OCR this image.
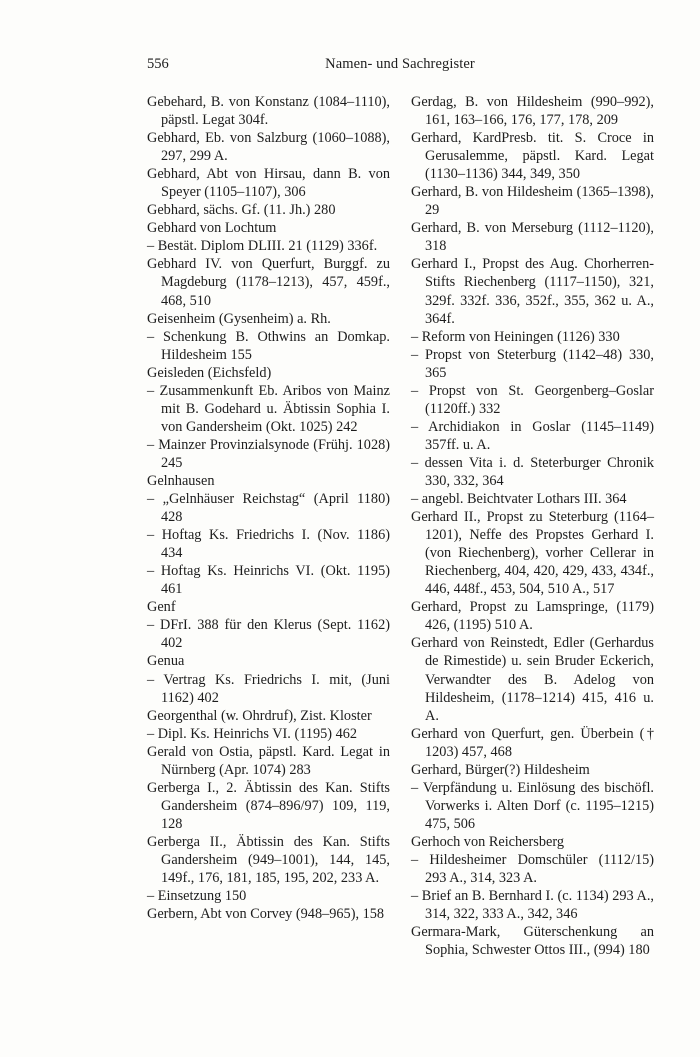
556	Namen- und Sachregister

Gebehard, B. von Konstanz (1084–1110), päpstl. Legat 304f.

Gebhard, Eb. von Salzburg (1060–1088), 297, 299 A.

Gebhard, Abt von Hirsau, dann B. von Speyer (1105–1107), 306

Gebhard, sächs. Gf. (11. Jh.) 280

Gebhard von Lochtum

– Bestät. Diplom DLIII. 21 (1129) 336f.

Gebhard IV. von Querfurt, Burggf. zu Magdeburg (1178–1213), 457, 459f., 468, 510

Geisenheim (Gysenheim) a. Rh.

– Schenkung B. Othwins an Domkap. Hildesheim 155

Geisleden (Eichsfeld)

– Zusammenkunft Eb. Aribos von Mainz mit B. Godehard u. Äbtissin Sophia I. von Gandersheim (Okt. 1025) 242

– Mainzer Provinzialsynode (Frühj. 1028) 245

Gelnhausen

– „Gelnhäuser Reichstag“ (April 1180) 428

– Hoftag Ks. Friedrichs I. (Nov. 1186) 434

– Hoftag Ks. Heinrichs VI. (Okt. 1195) 461

Genf

– DFrI. 388 für den Klerus (Sept. 1162) 402

Genua

– Vertrag Ks. Friedrichs I. mit, (Juni 1162) 402

Georgenthal (w. Ohrdruf), Zist. Kloster

– Dipl. Ks. Heinrichs VI. (1195) 462

Gerald von Ostia, päpstl. Kard. Legat in Nürnberg (Apr. 1074) 283

Gerberga I., 2. Äbtissin des Kan. Stifts Gandersheim (874–896/97) 109, 119, 128

Gerberga II., Äbtissin des Kan. Stifts Gandersheim (949–1001), 144, 145, 149f., 176, 181, 185, 195, 202, 233 A.

– Einsetzung 150

Gerbern, Abt von Corvey (948–965), 158

Gerdag, B. von Hildesheim (990–992), 161, 163–166, 176, 177, 178, 209

Gerhard, KardPresb. tit. S. Croce in Gerusalemme, päpstl. Kard. Legat (1130–1136) 344, 349, 350

Gerhard, B. von Hildesheim (1365–1398), 29

Gerhard, B. von Merseburg (1112–1120), 318

Gerhard I., Propst des Aug. Chorherren-Stifts Riechenberg (1117–1150), 321, 329f. 332f. 336, 352f., 355, 362 u. A., 364f.

– Reform von Heiningen (1126) 330

– Propst von Steterburg (1142–48) 330, 365

– Propst von St. Georgenberg–Goslar (1120ff.) 332

– Archidiakon in Goslar (1145–1149) 357ff. u. A.

– dessen Vita i. d. Steterburger Chronik 330, 332, 364

– angebl. Beichtvater Lothars III. 364

Gerhard II., Propst zu Steterburg (1164–1201), Neffe des Propstes Gerhard I. (von Riechenberg), vorher Cellerar in Riechenberg, 404, 420, 429, 433, 434f., 446, 448f., 453, 504, 510 A., 517

Gerhard, Propst zu Lamspringe, (1179) 426, (1195) 510 A.

Gerhard von Reinstedt, Edler (Gerhardus de Rimestide) u. sein Bruder Eckerich, Verwandter des B. Adelog von Hildesheim, (1178–1214) 415, 416 u. A.

Gerhard von Querfurt, gen. Überbein († 1203) 457, 468

Gerhard, Bürger(?) Hildesheim

– Verpfändung u. Einlösung des bischöfl. Vorwerks i. Alten Dorf (c. 1195–1215) 475, 506

Gerhoch von Reichersberg

– Hildesheimer Domschüler (1112/15) 293 A., 314, 323 A.

– Brief an B. Bernhard I. (c. 1134) 293 A., 314, 322, 333 A., 342, 346

Germara-Mark, Güterschenkung an Sophia, Schwester Ottos III., (994) 180
